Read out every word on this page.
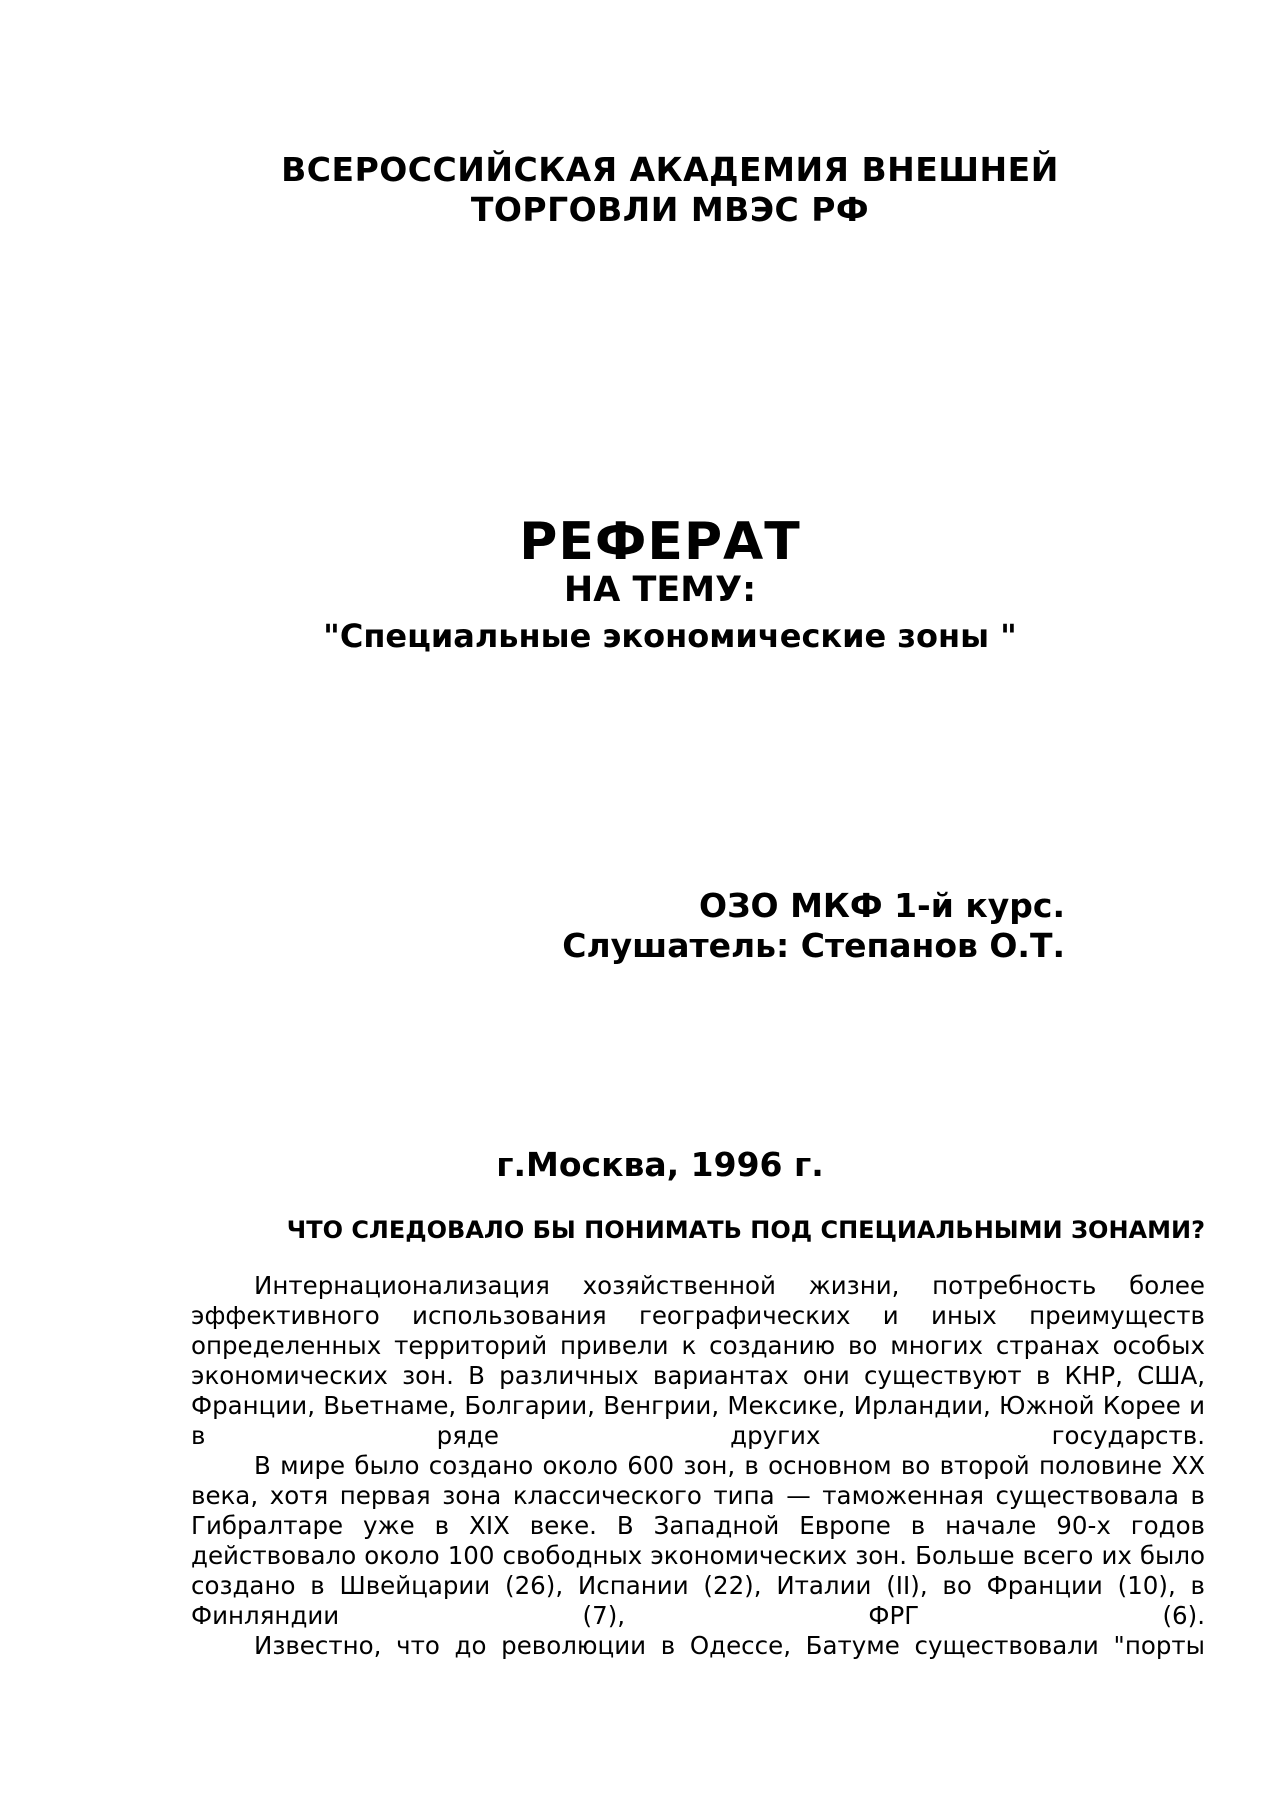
ВСЕРОССИЙСКАЯ АКАДЕМИЯ ВНЕШНЕЙ
ТОРГОВЛИ МВЭС РФ
РЕФЕРАТ
НА ТЕМУ:
"Специальные экономические зоны "
ОЗО МКФ 1-й курс.
Слушатель: Степанов О.Т.
г.Москва, 1996 г.
ЧТО СЛЕДОВАЛО БЫ ПОНИМАТЬ ПОД СПЕЦИАЛЬНЫМИ ЗОНАМИ?

Интернационализация хозяйственной жизни, потребность более эффективного использования географических и иных преимуществ определенных территорий привели к созданию во многих странах особых экономических зон. В различных вариантах они существуют в КНР, США, Франции, Вьетнаме, Болгарии, Венгрии, Мексике, Ирландии, Южной Корее и в ряде других государств.

В мире было создано около 600 зон, в основном во второй половине XX века, хотя первая зона классического типа — таможенная существовала в Гибралтаре уже в XIX веке. В Западной Европе в начале 90-х годов действовало около 100 свободных экономических зон. Больше всего их было создано в Швейцарии (26), Испании (22), Италии (II), во Франции (10), в Финляндии (7), ФРГ (6).

Известно, что до революции в Одессе, Батуме существовали "порты
